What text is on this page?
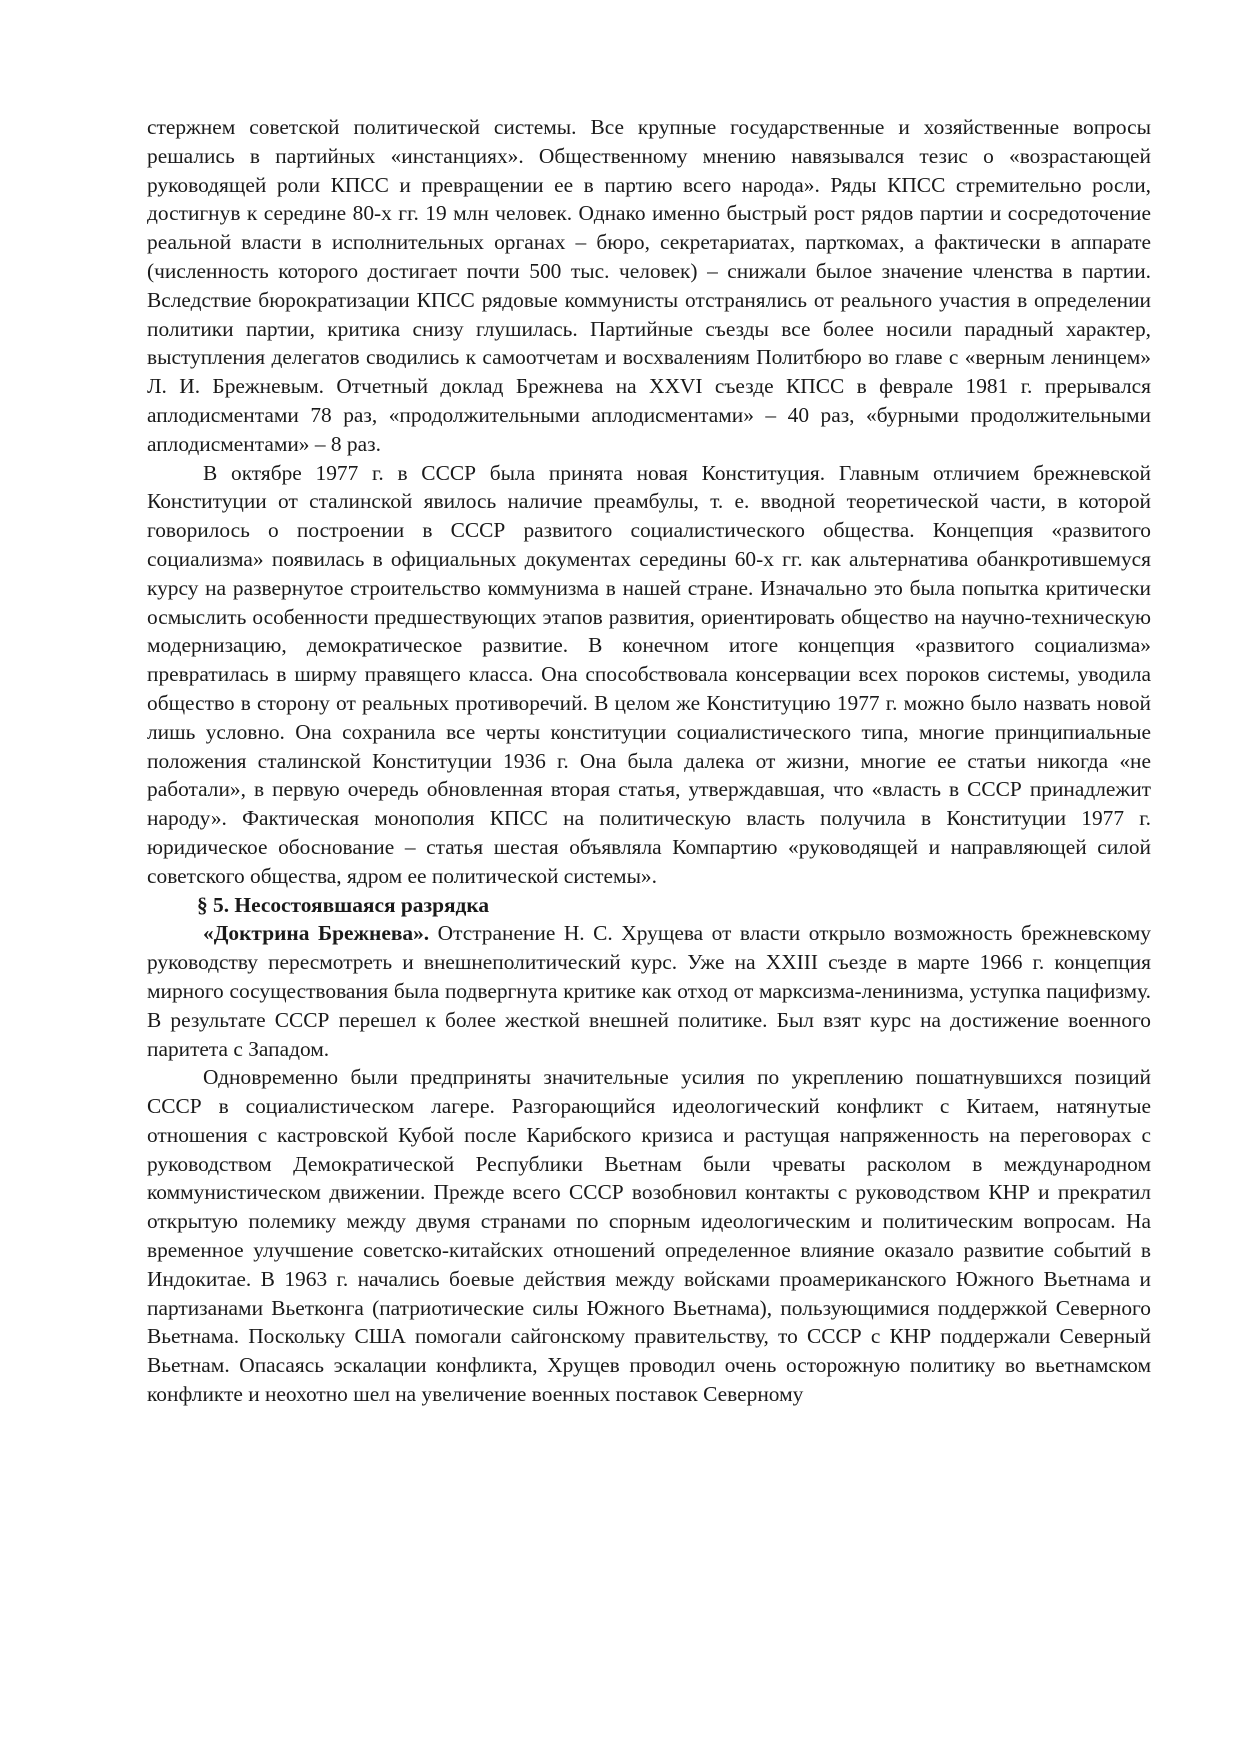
стержнем советской политической системы. Все крупные государственные и хозяйственные вопросы решались в партийных «инстанциях». Общественному мнению навязывался тезис о «возрастающей руководящей роли КПСС и превращении ее в партию всего народа». Ряды КПСС стремительно росли, достигнув к середине 80-х гг. 19 млн человек. Однако именно быстрый рост рядов партии и сосредоточение реальной власти в исполнительных органах – бюро, секретариатах, парткомах, а фактически в аппарате (численность которого достигает почти 500 тыс. человек) – снижали былое значение членства в партии. Вследствие бюрократизации КПСС рядовые коммунисты отстранялись от реального участия в определении политики партии, критика снизу глушилась. Партийные съезды все более носили парадный характер, выступления делегатов сводились к самоотчетам и восхвалениям Политбюро во главе с «верным ленинцем» Л. И. Брежневым. Отчетный доклад Брежнева на XXVI съезде КПСС в феврале 1981 г. прерывался аплодисментами 78 раз, «продолжительными аплодисментами» – 40 раз, «бурными продолжительными аплодисментами» – 8 раз.

В октябре 1977 г. в СССР была принята новая Конституция. Главным отличием брежневской Конституции от сталинской явилось наличие преамбулы, т. е. вводной теоретической части, в которой говорилось о построении в СССР развитого социалистического общества. Концепция «развитого социализма» появилась в официальных документах середины 60-х гг. как альтернатива обанкротившемуся курсу на развернутое строительство коммунизма в нашей стране. Изначально это была попытка критически осмыслить особенности предшествующих этапов развития, ориентировать общество на научно-техническую модернизацию, демократическое развитие. В конечном итоге концепция «развитого социализма» превратилась в ширму правящего класса. Она способствовала консервации всех пороков системы, уводила общество в сторону от реальных противоречий. В целом же Конституцию 1977 г. можно было назвать новой лишь условно. Она сохранила все черты конституции социалистического типа, многие принципиальные положения сталинской Конституции 1936 г. Она была далека от жизни, многие ее статьи никогда «не работали», в первую очередь обновленная вторая статья, утверждавшая, что «власть в СССР принадлежит народу». Фактическая монополия КПСС на политическую власть получила в Конституции 1977 г. юридическое обоснование – статья шестая объявляла Компартию «руководящей и направляющей силой советского общества, ядром ее политической системы».

§ 5. Несостоявшаяся разрядка

«Доктрина Брежнева». Отстранение Н. С. Хрущева от власти открыло возможность брежневскому руководству пересмотреть и внешнеполитический курс. Уже на XXIII съезде в марте 1966 г. концепция мирного сосуществования была подвергнута критике как отход от марксизма-ленинизма, уступка пацифизму. В результате СССР перешел к более жесткой внешней политике. Был взят курс на достижение военного паритета с Западом.

Одновременно были предприняты значительные усилия по укреплению пошатнувшихся позиций СССР в социалистическом лагере. Разгорающийся идеологический конфликт с Китаем, натянутые отношения с кастровской Кубой после Карибского кризиса и растущая напряженность на переговорах с руководством Демократической Республики Вьетнам были чреваты расколом в международном коммунистическом движении. Прежде всего СССР возобновил контакты с руководством КНР и прекратил открытую полемику между двумя странами по спорным идеологическим и политическим вопросам. На временное улучшение советско-китайских отношений определенное влияние оказало развитие событий в Индокитае. В 1963 г. начались боевые действия между войсками проамериканского Южного Вьетнама и партизанами Вьетконга (патриотические силы Южного Вьетнама), пользующимися поддержкой Северного Вьетнама. Поскольку США помогали сайгонскому правительству, то СССР с КНР поддержали Северный Вьетнам. Опасаясь эскалации конфликта, Хрущев проводил очень осторожную политику во вьетнамском конфликте и неохотно шел на увеличение военных поставок Северному
